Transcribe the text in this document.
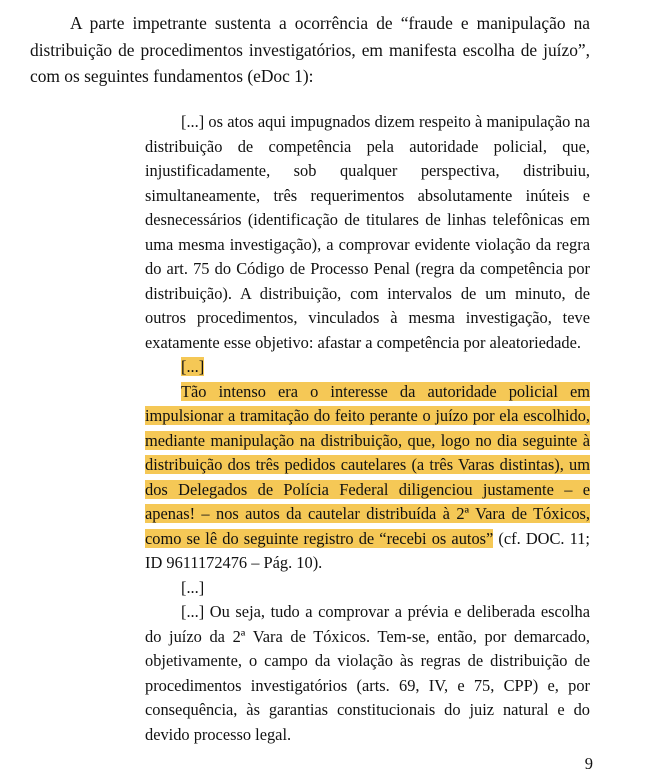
A parte impetrante sustenta a ocorrência de “fraude e manipulação na distribuição de procedimentos investigatórios, em manifesta escolha de juízo”, com os seguintes fundamentos (eDoc 1):

[...] os atos aqui impugnados dizem respeito à manipulação na distribuição de competência pela autoridade policial, que, injustificadamente, sob qualquer perspectiva, distribuiu, simultaneamente, três requerimentos absolutamente inúteis e desnecessários (identificação de titulares de linhas telefônicas em uma mesma investigação), a comprovar evidente violação da regra do art. 75 do Código de Processo Penal (regra da competência por distribuição). A distribuição, com intervalos de um minuto, de outros procedimentos, vinculados à mesma investigação, teve exatamente esse objetivo: afastar a competência por aleatoriedade.

[...]

Tão intenso era o interesse da autoridade policial em impulsionar a tramitação do feito perante o juízo por ela escolhido, mediante manipulação na distribuição, que, logo no dia seguinte à distribuição dos três pedidos cautelares (a três Varas distintas), um dos Delegados de Polícia Federal diligenciou justamente – e apenas! – nos autos da cautelar distribuída à 2ª Vara de Tóxicos, como se lê do seguinte registro de “recebi os autos” (cf. DOC. 11; ID 9611172476 – Pág. 10).

[...]

[...] Ou seja, tudo a comprovar a prévia e deliberada escolha do juízo da 2ª Vara de Tóxicos. Tem-se, então, por demarcado, objetivamente, o campo da violação às regras de distribuição de procedimentos investigatórios (arts. 69, IV, e 75, CPP) e, por consequência, às garantias constitucionais do juiz natural e do devido processo legal.

9
